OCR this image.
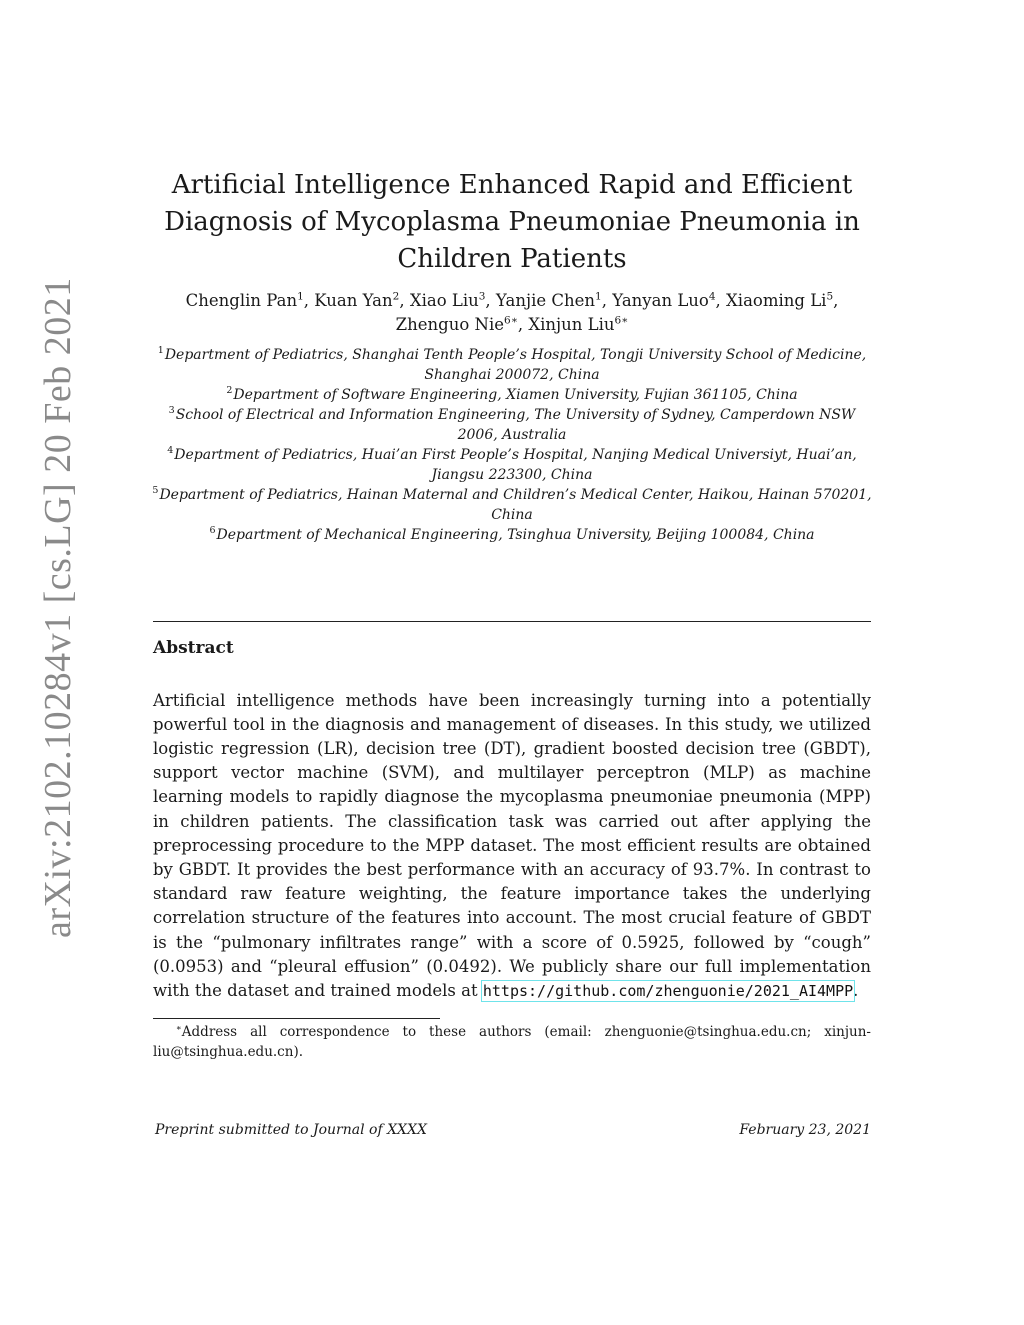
arXiv:2102.10284v1 [cs.LG] 20 Feb 2021
Artificial Intelligence Enhanced Rapid and Efficient
Diagnosis of Mycoplasma Pneumoniae Pneumonia in
Children Patients
Chenglin Pan$^1$, Kuan Yan$^2$, Xiao Liu$^3$, Yanjie Chen$^1$, Yanyan Luo$^4$, Xiaoming Li$^5$,
Zhenguo Nie$^{6∗}$, Xinjun Liu$^{6∗}$
$^1$Department of Pediatrics, Shanghai Tenth People’s Hospital, Tongji University School of Medicine, Shanghai 200072, China
$^2$Department of Software Engineering, Xiamen University, Fujian 361105, China
$^3$School of Electrical and Information Engineering, The University of Sydney, Camperdown NSW 2006, Australia
$^4$Department of Pediatrics, Huai’an First People’s Hospital, Nanjing Medical Universiyt, Huai’an, Jiangsu 223300, China
$^5$Department of Pediatrics, Hainan Maternal and Children’s Medical Center, Haikou, Hainan 570201, China
$^6$Department of Mechanical Engineering, Tsinghua University, Beijing 100084, China
Abstract

Artificial intelligence methods have been increasingly turning into a potentially powerful tool in the diagnosis and management of diseases. In this study, we utilized logistic regression (LR), decision tree (DT), gradient boosted decision tree (GBDT), support vector machine (SVM), and multilayer perceptron (MLP) as machine learning models to rapidly diagnose the mycoplasma pneumoniae pneumonia (MPP) in children patients. The classification task was carried out after applying the preprocessing procedure to the MPP dataset. The most efficient results are obtained by GBDT. It provides the best performance with an accuracy of 93.7%. In contrast to standard raw feature weighting, the feature importance takes the underlying correlation structure of the features into account. The most crucial feature of GBDT is the “pulmonary infiltrates range” with a score of 0.5925, followed by “cough” (0.0953) and “pleural effusion” (0.0492). We publicly share our full implementation with the dataset and trained models at https://github.com/zhenguonie/2021_AI4MPP.

∗Address all correspondence to these authors (email: zhenguonie@tsinghua.edu.cn; xinjun-liu@tsinghua.edu.cn).
Preprint submitted to Journal of XXXX	February 23, 2021
